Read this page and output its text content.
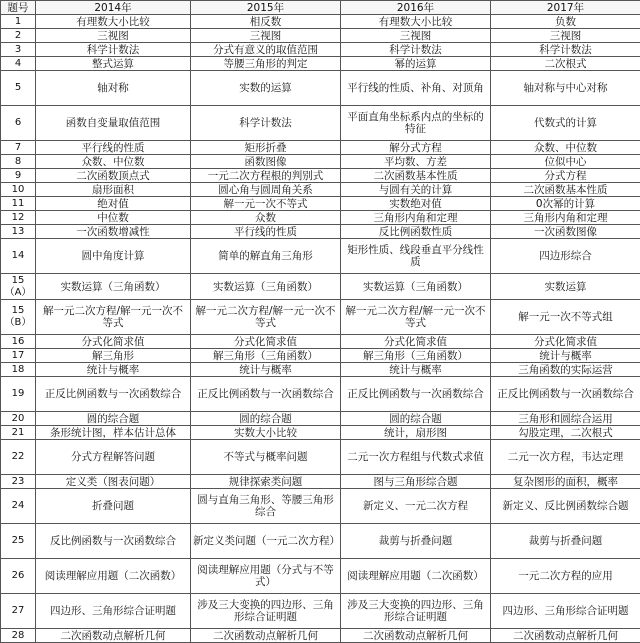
题号	2014年	2015年	2016年	2017年
1	有理数大小比较	相反数	有理数大小比较	负数
2	三视图	三视图	三视图	三视图
3	科学计数法	分式有意义的取值范围	科学计数法	科学计数法
4	整式运算	等腰三角形的判定	幂的运算	二次根式
5	轴对称	实数的运算	平行线的性质、补角、对顶角	轴对称与中心对称
6	函数自变量取值范围	科学计数法	平面直角坐标系内点的坐标的特征	代数式的计算
7	平行线的性质	矩形折叠	解分式方程	众数、中位数
8	众数、中位数	函数图像	平均数、方差	位似中心
9	二次函数顶点式	一元二次方程根的判别式	二次函数基本性质	分式方程
10	扇形面积	圆心角与圆周角关系	与圆有关的计算	二次函数基本性质
11	绝对值	解一元一次不等式	实数绝对值	0次幂的计算
12	中位数	众数	三角形内角和定理	三角形内角和定理
13	一次函数增减性	平行线的性质	反比例函数性质	一次函数图像
14	圆中角度计算	简单的解直角三角形	矩形性质、线段垂直平分线性质	四边形综合
15（A）	实数运算（三角函数）	实数运算（三角函数）	实数运算（三角函数）	实数运算
15（B）	解一元二次方程/解一元一次不等式	解一元二次方程/解一元一次不等式	解一元二次方程/解一元一次不等式	解一元一次不等式组
16	分式化简求值	分式化简求值	分式化简求值	分式化简求值
17	解三角形	解三角形（三角函数）	解三角形（三角函数）	统计与概率
18	统计与概率	统计与概率	统计与概率	三角函数的实际运营
19	正反比例函数与一次函数综合	正反比例函数与一次函数综合	正反比例函数与一次函数综合	正反比例函数与一次函数综合
20	圆的综合题	圆的综合题	圆的综合题	三角形和圆综合运用
21	条形统计图，样本估计总体	实数大小比较	统计，扇形图	勾股定理，二次根式
22	分式方程解答问题	不等式与概率问题	二元一次方程组与代数式求值	二元一次方程，韦达定理
23	定义类（图表问题）	规律探索类问题	图与三角形综合题	复杂图形的面积，概率
24	折叠问题	圆与直角三角形、等腰三角形综合	新定义、一元二次方程	新定义、反比例函数综合题
25	反比例函数与一次函数综合	新定义类问题（一元二次方程）	裁剪与折叠问题	裁剪与折叠问题
26	阅读理解应用题（二次函数）	阅读理解应用题（分式与不等式）	阅读理解应用题（二次函数）	一元二次方程的应用
27	四边形、三角形综合证明题	涉及三大变换的四边形、三角形综合证明题	涉及三大变换的四边形、三角形综合证明题	四边形、三角形综合证明题
28	二次函数动点解析几何	二次函数动点解析几何	二次函数动点解析几何	二次函数动点解析几何
